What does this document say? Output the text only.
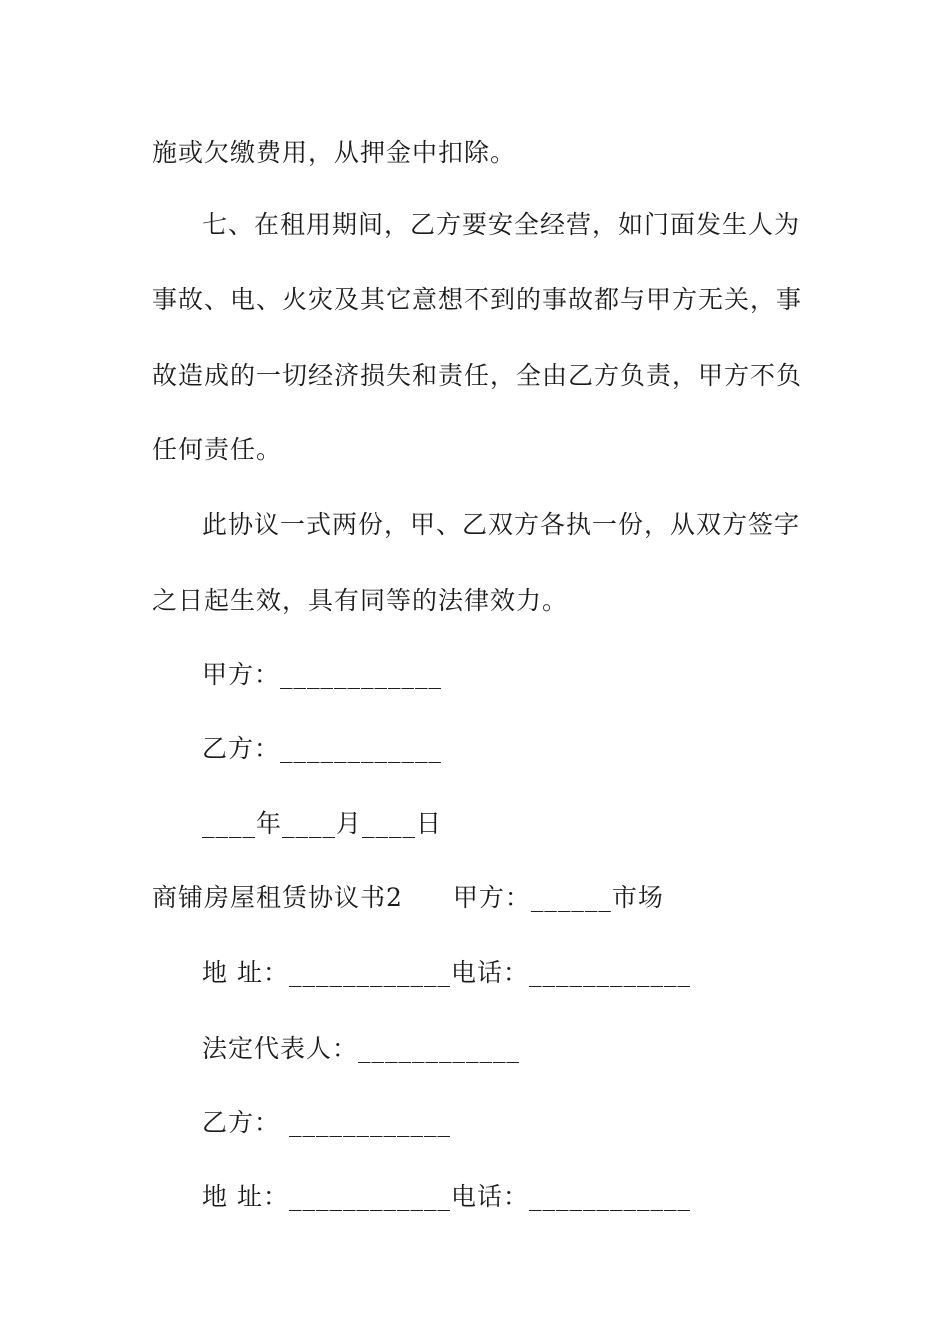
施或欠缴费用，从押金中扣除。
七、在租用期间，乙方要安全经营，如门面发生人为
事故、电、火灾及其它意想不到的事故都与甲方无关，事
故造成的一切经济损失和责任，全由乙方负责，甲方不负
任何责任。
此协议一式两份，甲、乙双方各执一份，从双方签字
之日起生效，具有同等的法律效力。
甲方：____________
乙方：____________
____年____月____日
商铺房屋租赁协议书2 甲方：______市场
地 址：____________电话：____________
法定代表人：____________
乙方： ____________
地 址：____________电话：____________
